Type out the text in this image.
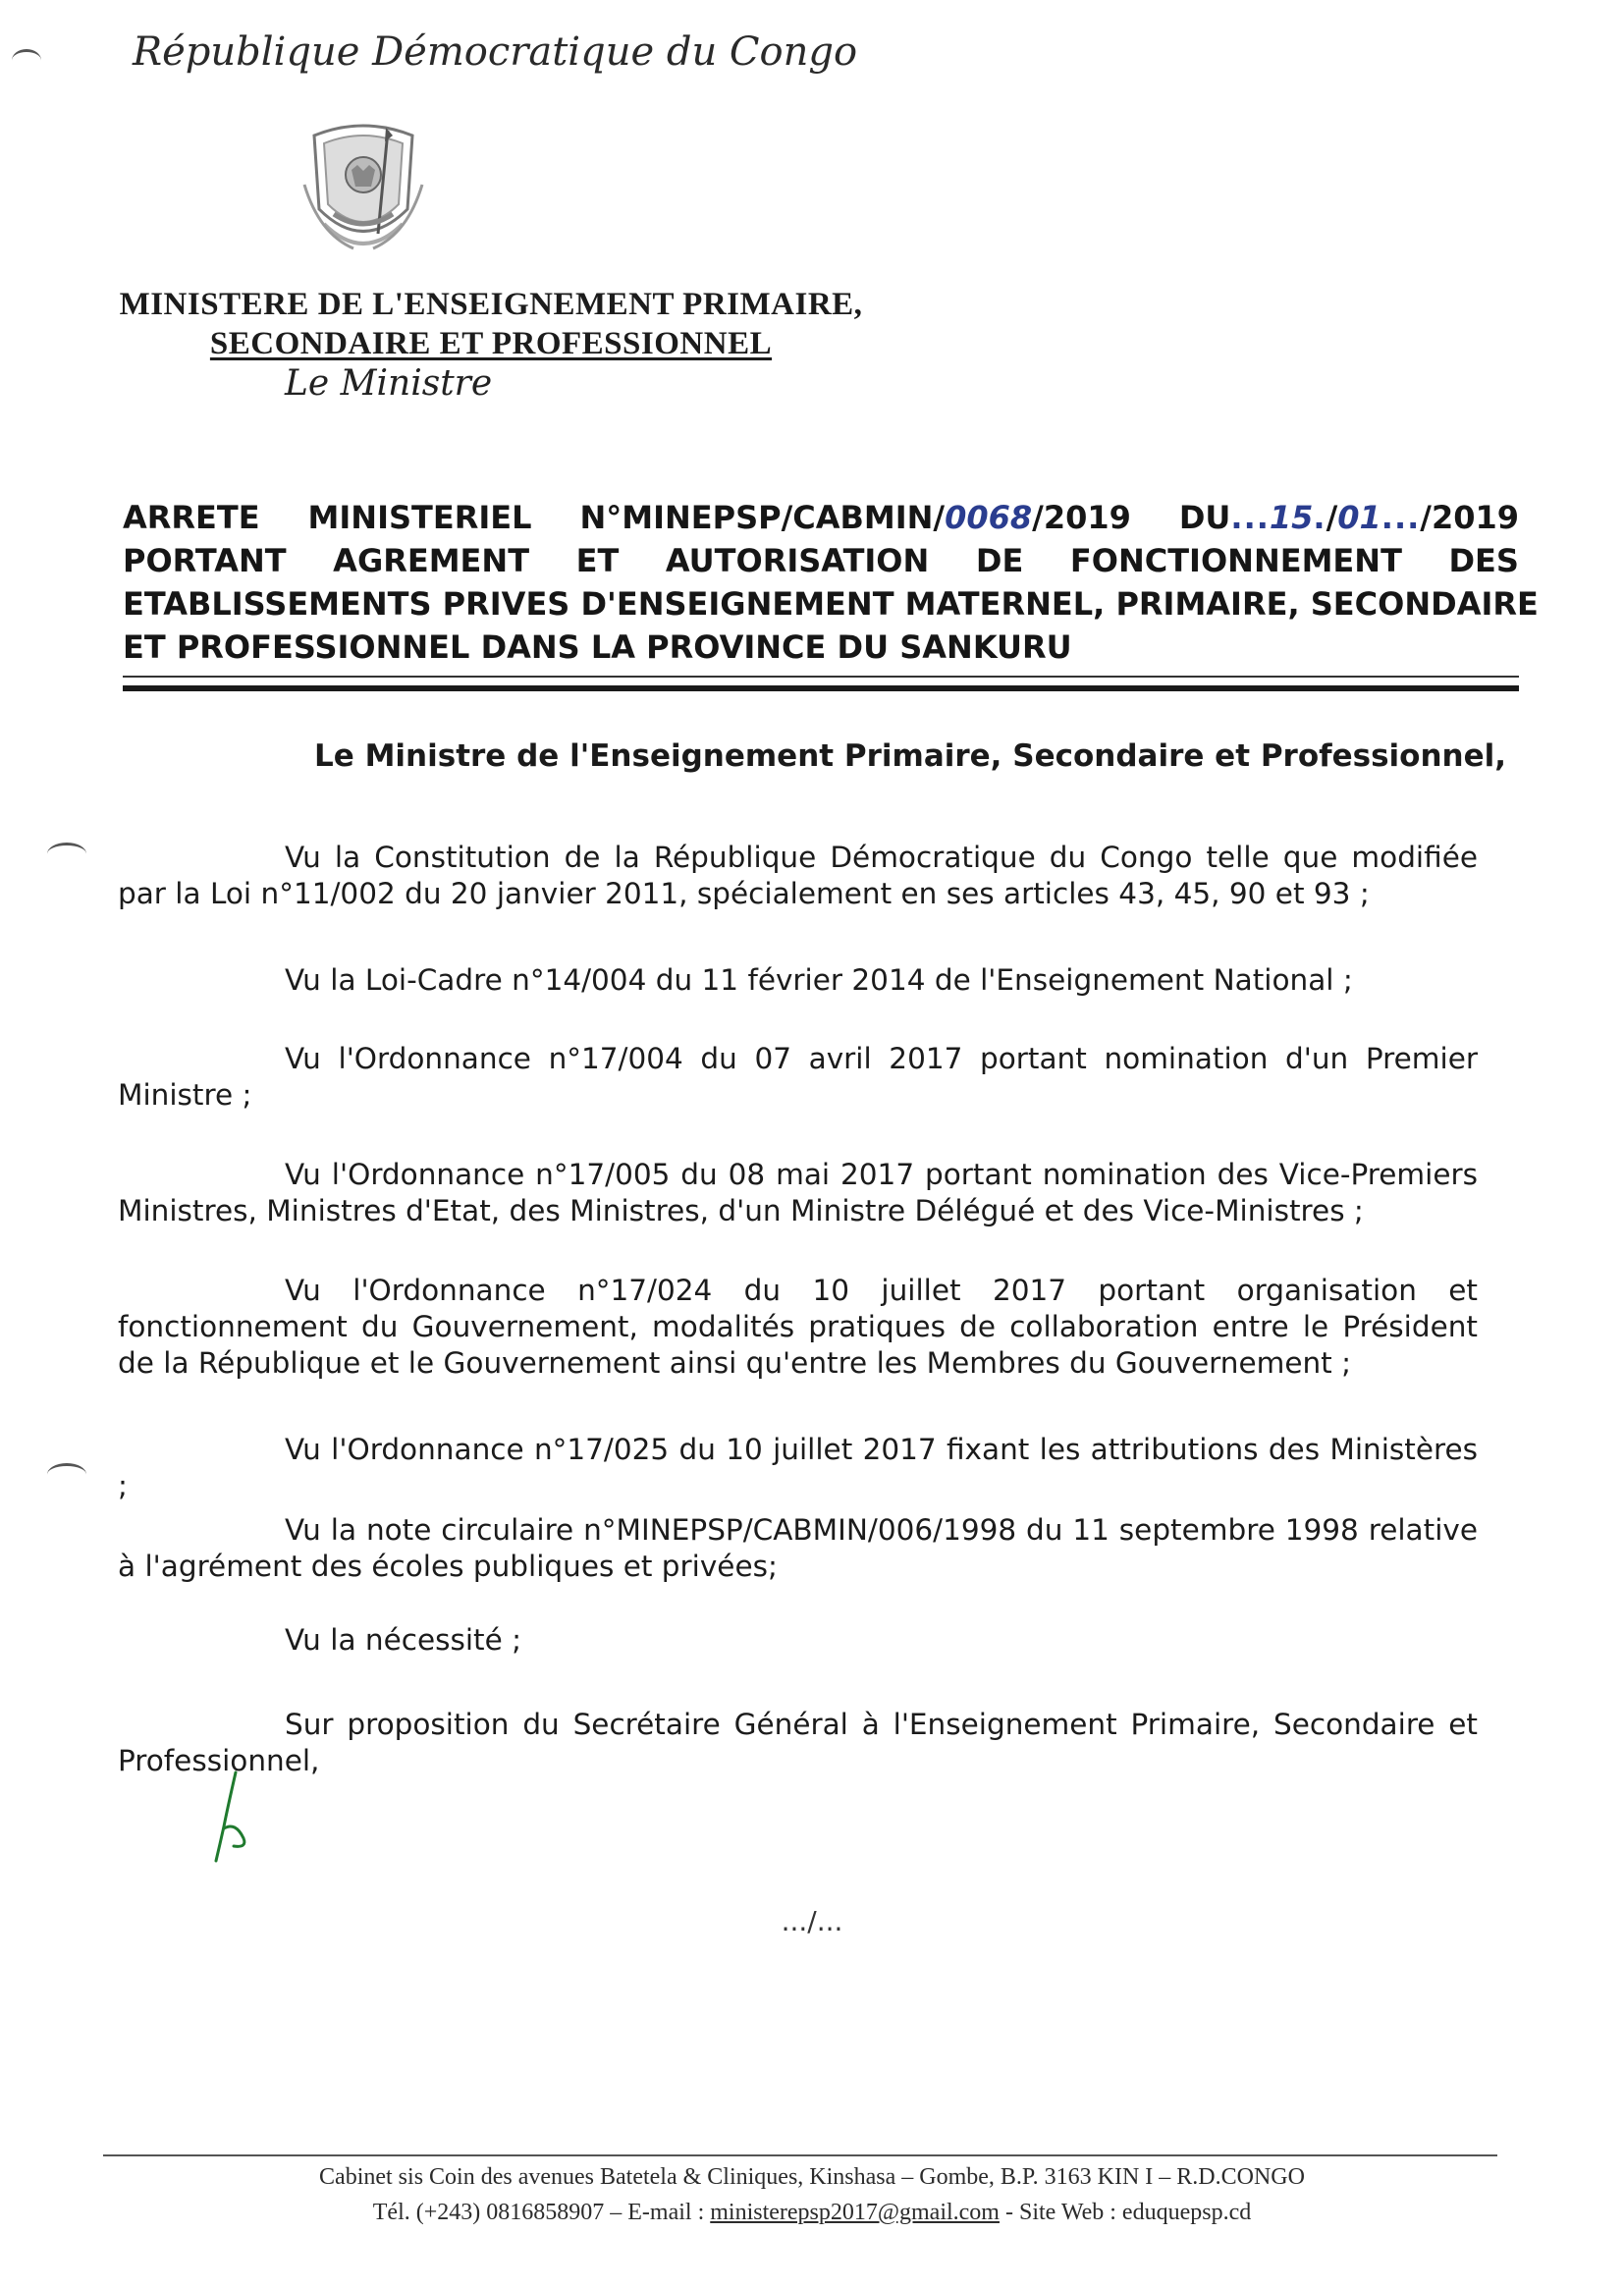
République Démocratique du Congo
MINISTERE DE L'ENSEIGNEMENT PRIMAIRE,
SECONDAIRE ET PROFESSIONNEL
Le Ministre
ARRETE MINISTERIEL N°MINEPSP/CABMIN/0068/2019 DU...15./01.../2019
PORTANT AGREMENT ET AUTORISATION DE FONCTIONNEMENT DES
ETABLISSEMENTS PRIVES D'ENSEIGNEMENT MATERNEL, PRIMAIRE, SECONDAIRE
ET PROFESSIONNEL DANS LA PROVINCE DU SANKURU
Le Ministre de l'Enseignement Primaire, Secondaire et Professionnel,
Vu la Constitution de la République Démocratique du Congo telle que modifiée par la Loi n°11/002 du 20 janvier 2011, spécialement en ses articles 43, 45, 90 et 93 ;
Vu la Loi-Cadre n°14/004 du 11 février 2014 de l'Enseignement National ;
Vu l'Ordonnance n°17/004 du 07 avril 2017 portant nomination d'un Premier Ministre ;
Vu l'Ordonnance n°17/005 du 08 mai 2017 portant nomination des Vice-Premiers Ministres, Ministres d'Etat, des Ministres, d'un Ministre Délégué et des Vice-Ministres ;
Vu l'Ordonnance n°17/024 du 10 juillet 2017 portant organisation et fonctionnement du Gouvernement, modalités pratiques de collaboration entre le Président de la République et le Gouvernement ainsi qu'entre les Membres du Gouvernement ;
Vu l'Ordonnance n°17/025 du 10 juillet 2017 fixant les attributions des Ministères ;
Vu la note circulaire n°MINEPSP/CABMIN/006/1998 du 11 septembre 1998 relative à l'agrément des écoles publiques et privées;
Vu la nécessité ;
Sur proposition du Secrétaire Général à l'Enseignement Primaire, Secondaire et Professionnel,
.../...
Cabinet sis Coin des avenues Batetela & Cliniques, Kinshasa – Gombe, B.P. 3163 KIN I – R.D.CONGO
Tél. (+243) 0816858907 – E-mail : ministerepsp2017@gmail.com - Site Web : eduquepsp.cd
